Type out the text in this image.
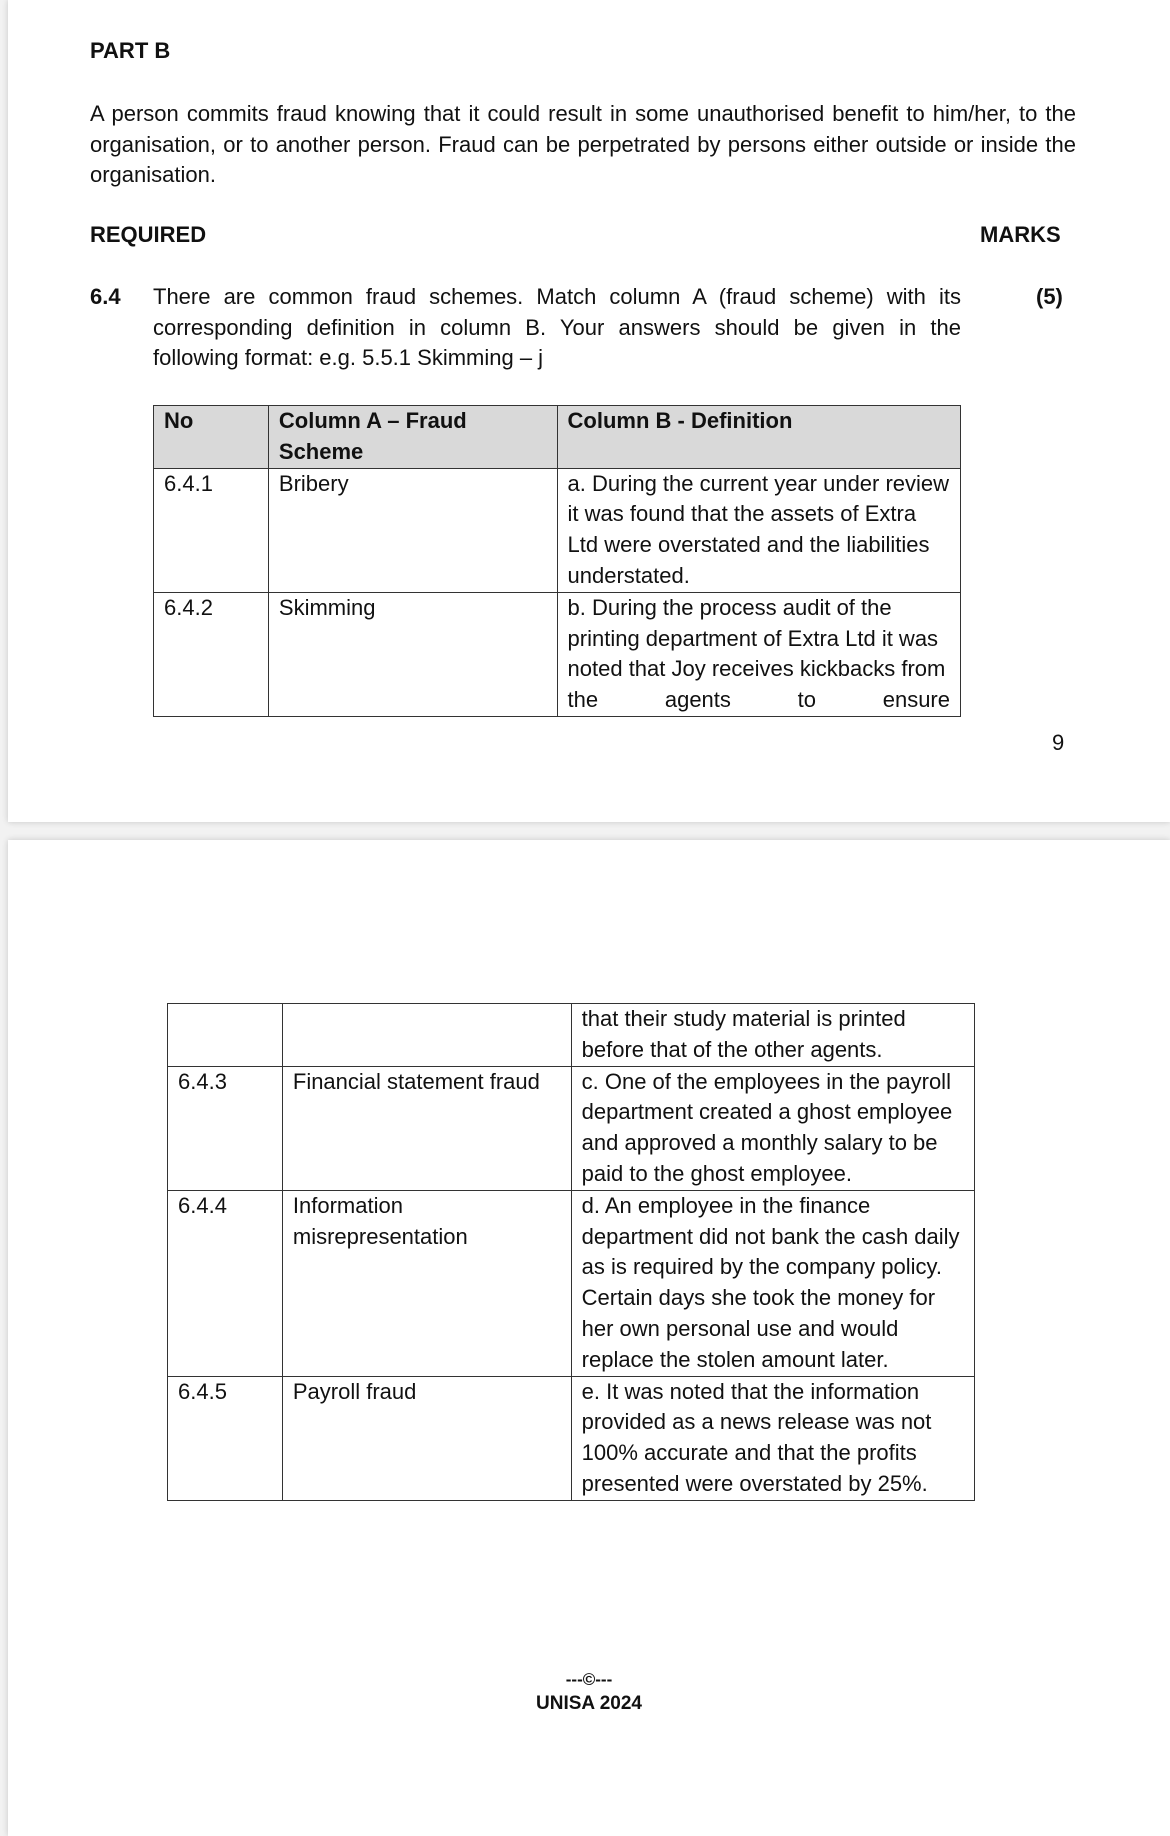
PART B
A person commits fraud knowing that it could result in some unauthorised benefit to him/her, to the organisation, or to another person. Fraud can be perpetrated by persons either outside or inside the organisation.
REQUIRED	MARKS
6.4 There are common fraud schemes. Match column A (fraud scheme) with its corresponding definition in column B. Your answers should be given in the following format: e.g. 5.5.1 Skimming – j
(5)
No	Column A – Fraud Scheme	Column B - Definition
6.4.1	Bribery	a. During the current year under review it was found that the assets of Extra Ltd were overstated and the liabilities understated.
6.4.2	Skimming	b. During the process audit of the printing department of Extra Ltd it was noted that Joy receives kickbacks from the agents to ensure
9
		that their study material is printed before that of the other agents.
6.4.3	Financial statement fraud	c. One of the employees in the payroll department created a ghost employee and approved a monthly salary to be paid to the ghost employee.
6.4.4	Information misrepresentation	d. An employee in the finance department did not bank the cash daily as is required by the company policy. Certain days she took the money for her own personal use and would replace the stolen amount later.
6.4.5	Payroll fraud	e. It was noted that the information provided as a news release was not 100% accurate and that the profits presented were overstated by 25%.
---©---
UNISA 2024
